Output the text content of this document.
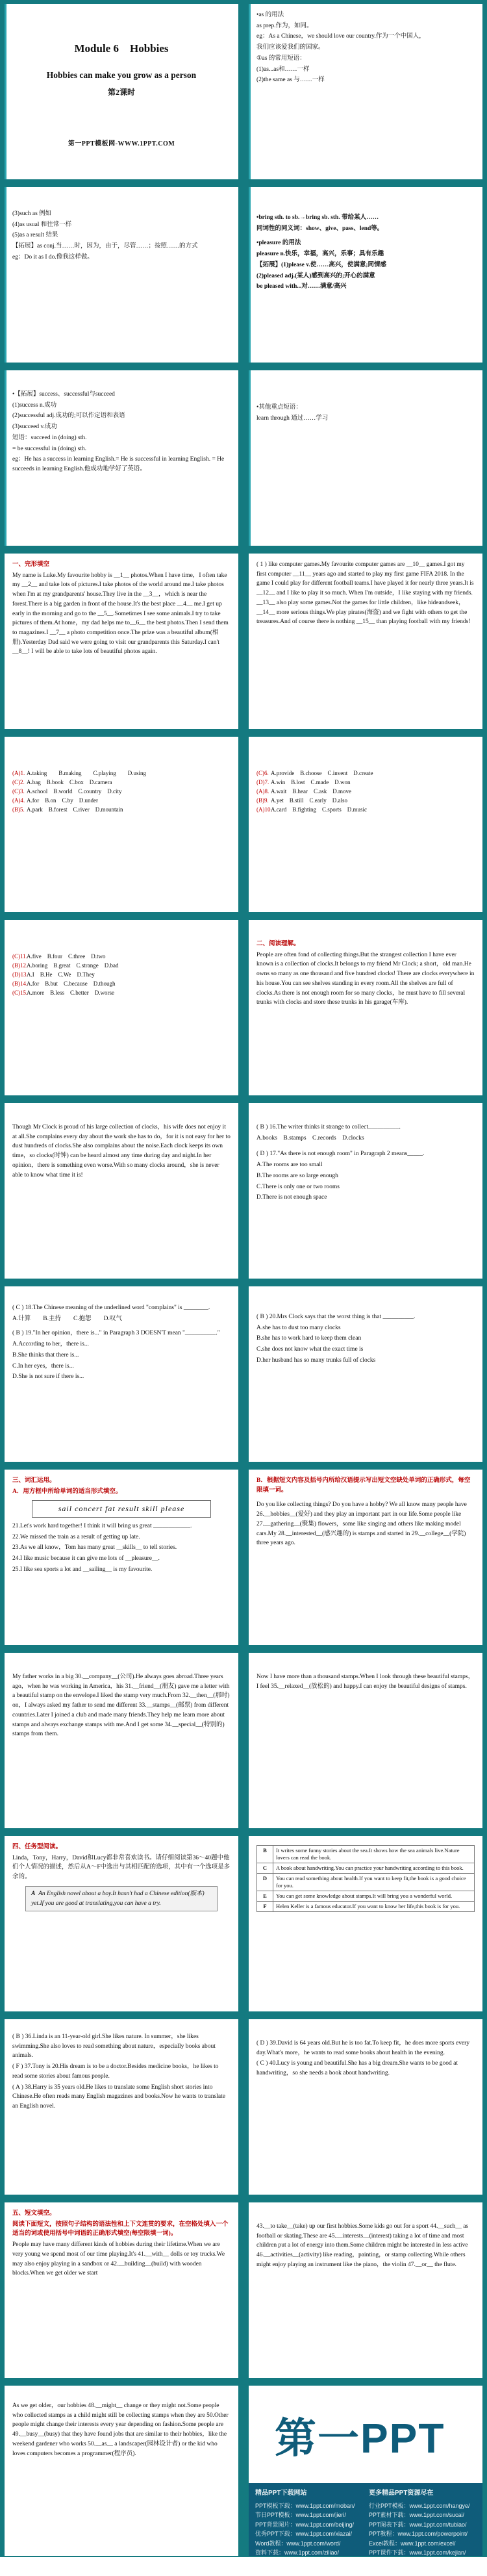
Module 6　Hobbies
Hobbies can make you grow as a person
第2课时
第一PPT模板网-WWW.1PPT.COM

•as 的用法

as prep.作为，如同。

eg：As a Chinese，we should love our country.作为一个中国人，

我们应该爱我们的国家。

①as 的常用短语：

(1)as...as和……一样

(2)the same as 与……一样

(3)such as 例如

(4)as usual 和往常一样

(5)as a result 结果

【拓展】as conj.当……时，因为，由于，尽管……；按照……的方式

eg：Do it as I do.像我这样做。

•bring sth. to sb.→bring sb. sth. 带给某人……

同词性的同义词：show、give、pass、lend等。

•pleasure 的用法

pleasure n.快乐，幸福，高兴，乐事；具有乐趣

【拓展】(1)please v.使……高兴，使满意;同情感

(2)pleased adj.(某人)感到高兴的;开心的满意

be pleased with...对……满意/高兴

•【拓展】success、successful与succeed

(1)success n.成功

(2)successful adj.成功的;可以作定语和表语

(3)succeed v.成功

短语：succeed in (doing) sth.

= be successful in (doing) sth.

eg：He has a success in learning English.= He is successful in learning English. = He succeeds in learning English.他成功地学好了英语。

•其他重点短语：

learn through 通过……学习

一、完形填空

My name is Luke.My favourite hobby is __1__ photos.When I have time，I often take my __2__ and take lots of pictures.I take photos of the world around me.I take photos when I'm at my grandparents' house.They live in the __3__，which is near the forest.There is a big garden in front of the house.It's the best place __4__ me.I get up early in the morning and go to the __5__.Sometimes I see some animals.I try to take pictures of them.At home，my dad helps me to__6__ the best photos.Then I send them to magazines.I __7__ a photo competition once.The prize was a beautiful album(相册).Yesterday Dad said we were going to visit our grandparents this Saturday.I can't __8__! I will be able to take lots of beautiful photos again.

( 1 ) like computer games.My favourite computer games are __10__ games.I got my first computer __11__ years ago and started to play my first game FIFA 2018. In the game I could play for different football teams.I have played it for nearly three years.It is __12__ and I like to play it so much. When I'm outside，I like staying with my friends. __13__ also play some games.Not the games for little children，like hideandseek，__14__ more serious things.We play pirates(海盗) and we fight with others to get the treasures.And of course there is nothing __15__ than playing football with my friends!

(A)1. A.taking　　B.making　　C.playing　　D.using
(C)2. A.bag　B.book　C.box　D.camera
(C)3. A.school　B.world　C.country　D.city
(A)4. A.for　B.on　C.by　D.under
(B)5. A.park　B.forest　C.river　D.mountain
(C)6. A.provide　B.choose　C.invent　D.create
(D)7. A.win　B.lost　C.made　D.won
(A)8. A.wait　B.hear　C.ask　D.move
(B)9. A.yet　B.still　C.early　D.also
(A)10.
A.card　B.fighting　C.sports　D.music
(C)11. A.five　B.four　C.three　D.two
(B)12.
A.boring　B.great　C.strange　D.bad
(D)13.
A.I　B.He　C.We　D.They
(B)14.
A.for　B.but　C.because　D.though
(C)15.
A.more　B.less　C.better　D.worse

二、阅读理解。

People are often fond of collecting things.But the strangest collection I have ever known is a collection of clocks.It belongs to my friend Mr Clock; a short，old man.He owns so many as one thousand and five hundred clocks! There are clocks everywhere in his house.You can see shelves standing in every room.All the shelves are full of clocks.As there is not enough room for so many clocks，he must have to fill several trunks with clocks and store these trunks in his garage(车库).

Though Mr Clock is proud of his large collection of clocks，his wife does not enjoy it at all.She complains every day about the work she has to do，for it is not easy for her to dust hundreds of clocks.She also complains about the noise.Each clock keeps its own time，so clocks(时钟) can be heard almost any time during day and night.In her opinion，there is something even worse.With so many clocks around，she is never able to know what time it is!

( B ) 16.The writer thinks it strange to collect__________.

A.books　B.stamps　C.records　D.clocks

( D ) 17."As there is not enough room" in Paragraph 2 means_____.

A.The rooms are too small

B.The rooms are so large enough

C.There is only one or two rooms

D.There is not enough space

( C ) 18.The Chinese meaning of the underlined word "complains" is ________.

A.计算　　B.主持　　C.抱怨　　D.叹气

( B ) 19."In her opinion，there is..." in Paragraph 3 DOESN'T mean "__________."

A.According to her，there is...

B.She thinks that there is...

C.In her eyes，there is...

D.She is not sure if there is...

( B ) 20.Mrs Clock says that the worst thing is that __________.

A.she has to dust too many clocks

B.she has to work hard to keep them clean

C.she does not know what the exact time is

D.her husband has so many trunks full of clocks

三、词汇运用。

A．用方框中所给单词的适当形式填空。

sail concert fat result skill please

21.Let's work hard together! I think it will bring us great ____________.

22.We missed the train as a result of getting up late.

23.As we all know，Tom has many great __skills__ to tell stories.

24.I like music because it can give me lots of __pleasure__.

25.I like sea sports a lot and __sailing__ is my favourite.

B．根据短文内容及括号内所给汉语提示写出短文空缺处单词的正确形式，每空限填一词。

Do you like collecting things? Do you have a hobby? We all know many people have 26.__hobbies__(爱好) and they play an important part in our life.Some people like 27.__gathering__(聚集) flowers，some like singing and others like making model cars.My 28.__interested__(感兴趣的) is stamps and started in 29.__college__(学院) three years ago.

My father works in a big 30.__company__(公司).He always goes abroad.Three years ago，when he was working in America，his 31.__friend__(朋友) gave me a letter with a beautiful stamp on the envelope.I liked the stamp very much.From 32.__then__(那时) on，I always asked my father to send me different 33.__stamps__(邮票) from different countries.Later I joined a club and made many friends.They help me learn more about stamps and always exchange stamps with me.And I get some 34.__special__(特别的) stamps from them.

Now I have more than a thousand stamps.When I look through these beautiful stamps，I feel 35.__relaxed__(放松的) and happy.I can enjoy the beautiful designs of stamps.

四、任务型阅读。

Linda，Tony，Harry，David和Lucy都非常喜欢读书。请仔细阅读第36～40题中他们个人情况的描述，然后从A～F中选出与其相匹配的选项，其中有一个选项是多余的。

A  An English novel about a boy.It hasn't had a Chinese edition(版本) yet.If you are good at translating,you can have a try.
B	It writes some funny stories about the sea.It shows how the sea animals live.Nature lovers can read the book.
C	A book about handwriting.You can practice your handwriting according to this book.
D	You can read something about health.If you want to keep fit,the book is a good choice for you.
E	You can get some knowledge about stamps.It will bring you a wonderful world.
F	Helen Keller is a famous educator.If you want to know her life,this book is for you.

( B ) 36.Linda is an 11-year-old girl.She likes nature. In summer，she likes swimming.She also loves to read something about nature，especially books about animals.

( F ) 37.Tony is 20.His dream is to be a doctor.Besides medicine books，he likes to read some stories about famous people.

( A ) 38.Harry is 35 years old.He likes to translate some English short stories into Chinese.He often reads many English magazines and books.Now he wants to translate an English novel.

( D ) 39.David is 64 years old.But he is too fat.To keep fit，he does more sports every day.What's more，he wants to read some books about health in the evening.

( C ) 40.Lucy is young and beautiful.She has a big dream.She wants to be good at handwriting，so she needs a book about handwriting.

五、短文填空。

阅读下面短文，按照句子结构的语法性和上下文连贯的要求，在空格处填入一个适当的词或使用括号中词语的正确形式填空(每空限填一词)。

People may have many different kinds of hobbies during their lifetime.When we are very young we spend most of our time playing.It's 41.__with__ dolls or toy trucks.We may also enjoy playing in a sandbox or 42.__building__(build) with wooden blocks.When we get older we start

43.__to take__(take) up our first hobbies.Some kids go out for a sport 44.__such__ as football or skating.These are 45.__interests__(interest) taking a lot of time and most children put a lot of energy into them.Some children might be interested in less active 46.__activities__(activity) like reading，painting，or stamp collecting.While others might enjoy playing an instrument like the piano，the violin 47.__or__ the flute.

As we get older，our hobbies 48.__might__ change or they might not.Some people who collected stamps as a child might still be collecting stamps when they are 50.Other people might change their interests every year depending on fashion.Some people are 49.__busy__(busy) that they have found jobs that are similar to their hobbies，like the weekend gardener who works 50.__as__ a landscaper(园林设计者) or the kid who loves computers becomes a programmer(程序员).	第一PPT
精品PPT下载网站
PPT模板下载：www.1ppt.com/moban/
节日PPT模板：www.1ppt.com/jieri/
PPT背景图片：www.1ppt.com/beijing/
优秀PPT下载：www.1ppt.com/xiazai/
Word教程：www.1ppt.com/word/
资料下载：www.1ppt.com/ziliao/
范文下载：www.1ppt.com/fanwen/
教案下载：www.1ppt.com/jiaoan/
更多精品PPT资源尽在
行业PPT模板：www.1ppt.com/hangye/
PPT素材下载：www.1ppt.com/sucai/
PPT图表下载：www.1ppt.com/tubiao/
PPT教程：www.1ppt.com/powerpoint/
Excel教程：www.1ppt.com/excel/
PPT课件下载：www.1ppt.com/kejian/
试卷下载：www.1ppt.com/shiti/
字体下载：www.1ppt.com/ziti/
